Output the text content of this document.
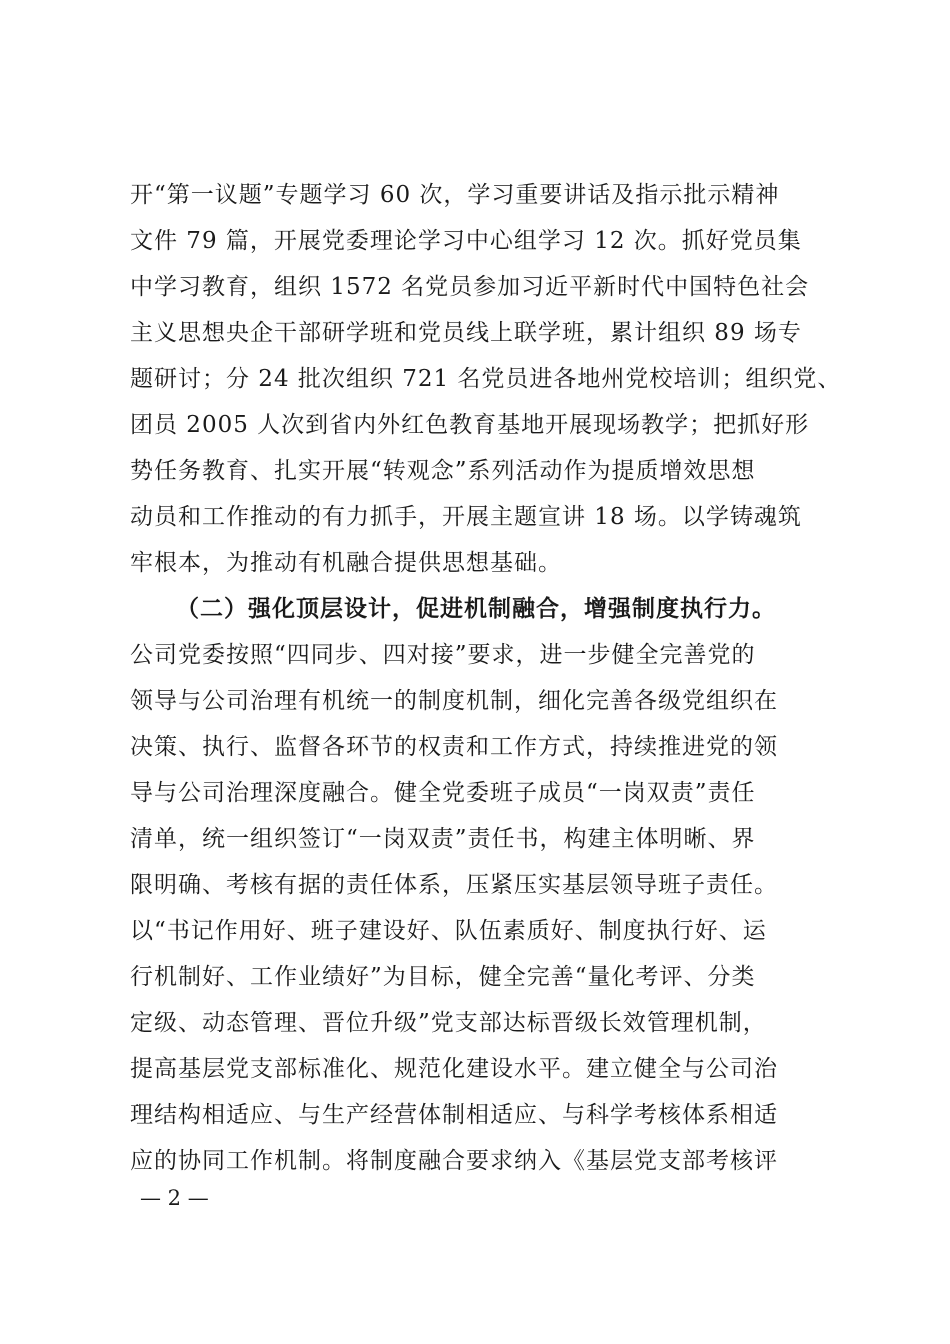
开“第一议题”专题学习 60 次，学习重要讲话及指示批示精神
文件 79 篇，开展党委理论学习中心组学习 12 次。抓好党员集
中学习教育，组织 1572 名党员参加习近平新时代中国特色社会
主义思想央企干部研学班和党员线上联学班，累计组织 89 场专
题研讨；分 24 批次组织 721 名党员进各地州党校培训；组织党、
团员 2005 人次到省内外红色教育基地开展现场教学；把抓好形
势任务教育、扎实开展“转观念”系列活动作为提质增效思想
动员和工作推动的有力抓手，开展主题宣讲 18 场。以学铸魂筑
牢根本，为推动有机融合提供思想基础。
（二）强化顶层设计，促进机制融合，增强制度执行力。
公司党委按照“四同步、四对接”要求，进一步健全完善党的
领导与公司治理有机统一的制度机制，细化完善各级党组织在
决策、执行、监督各环节的权责和工作方式，持续推进党的领
导与公司治理深度融合。健全党委班子成员“一岗双责”责任
清单，统一组织签订“一岗双责”责任书，构建主体明晰、界
限明确、考核有据的责任体系，压紧压实基层领导班子责任。
以“书记作用好、班子建设好、队伍素质好、制度执行好、运
行机制好、工作业绩好”为目标，健全完善“量化考评、分类
定级、动态管理、晋位升级”党支部达标晋级长效管理机制，
提高基层党支部标准化、规范化建设水平。建立健全与公司治
理结构相适应、与生产经营体制相适应、与科学考核体系相适
应的协同工作机制。将制度融合要求纳入《基层党支部考核评
— 2 —
